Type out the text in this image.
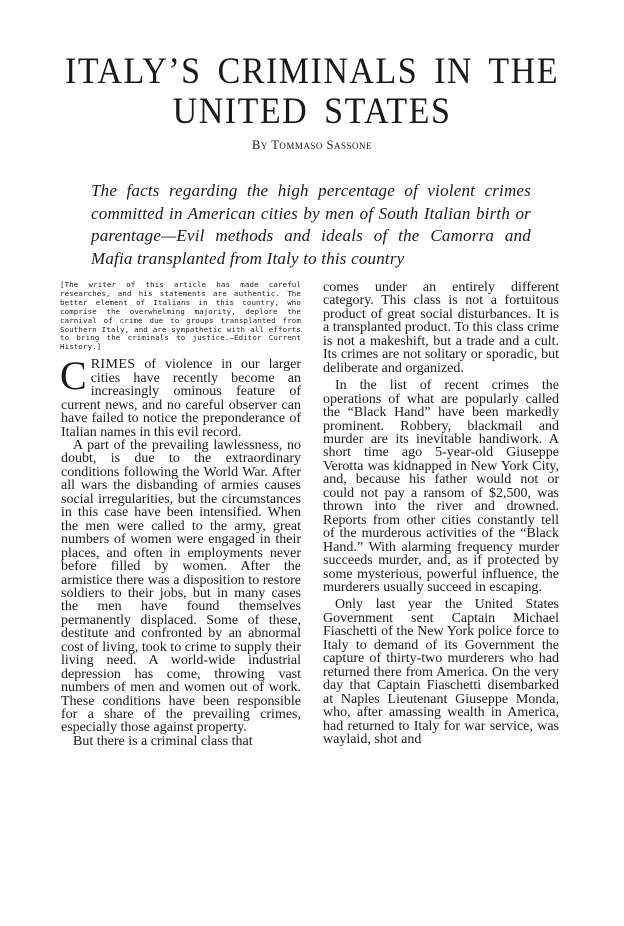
ITALY’S CRIMINALS IN THE
UNITED STATES
By Tommaso Sassone
The facts regarding the high percentage of violent crimes committed in American cities by men of South Italian birth or parentage—Evil methods and ideals of the Camorra and Mafia transplanted from Italy to this country
[The writer of this article has made careful researches, and his statements are authentic. The better element of Italians in this country, who comprise the overwhelming majority, deplore the carnival of crime due to groups transplanted from Southern Italy, and are sympathetic with all efforts to bring the criminals to justice.—Editor Current History.]

CRIMES of violence in our larger cities have recently become an increasingly ominous feature of current news, and no careful observer can have failed to notice the preponderance of Italian names in this evil record.

A part of the prevailing lawlessness, no doubt, is due to the extraordinary conditions following the World War. After all wars the disbanding of armies causes social irregularities, but the circumstances in this case have been intensified. When the men were called to the army, great numbers of women were engaged in their places, and often in employments never before filled by women. After the armistice there was a disposition to restore soldiers to their jobs, but in many cases the men have found themselves permanently displaced. Some of these, destitute and confronted by an abnormal cost of living, took to crime to supply their living need. A world-wide industrial depression has come, throwing vast numbers of men and women out of work. These conditions have been responsible for a share of the prevailing crimes, especially those against property.

But there is a criminal class that

comes under an entirely different category. This class is not a fortuitous product of great social disturbances. It is a transplanted product. To this class crime is not a makeshift, but a trade and a cult. Its crimes are not solitary or sporadic, but deliberate and organized.

In the list of recent crimes the operations of what are popularly called the “Black Hand” have been markedly prominent. Robbery, blackmail and murder are its inevitable handiwork. A short time ago 5-year-old Giuseppe Verotta was kidnapped in New York City, and, because his father would not or could not pay a ransom of $2,500, was thrown into the river and drowned. Reports from other cities constantly tell of the murderous activities of the “Black Hand.” With alarming frequency murder succeeds murder, and, as if protected by some mysterious, powerful influence, the murderers usually succeed in escaping.

Only last year the United States Government sent Captain Michael Fiaschetti of the New York police force to Italy to demand of its Government the capture of thirty-two murderers who had returned there from America. On the very day that Captain Fiaschetti disembarked at Naples Lieutenant Giuseppe Monda, who, after amassing wealth in America, had returned to Italy for war service, was waylaid, shot and
